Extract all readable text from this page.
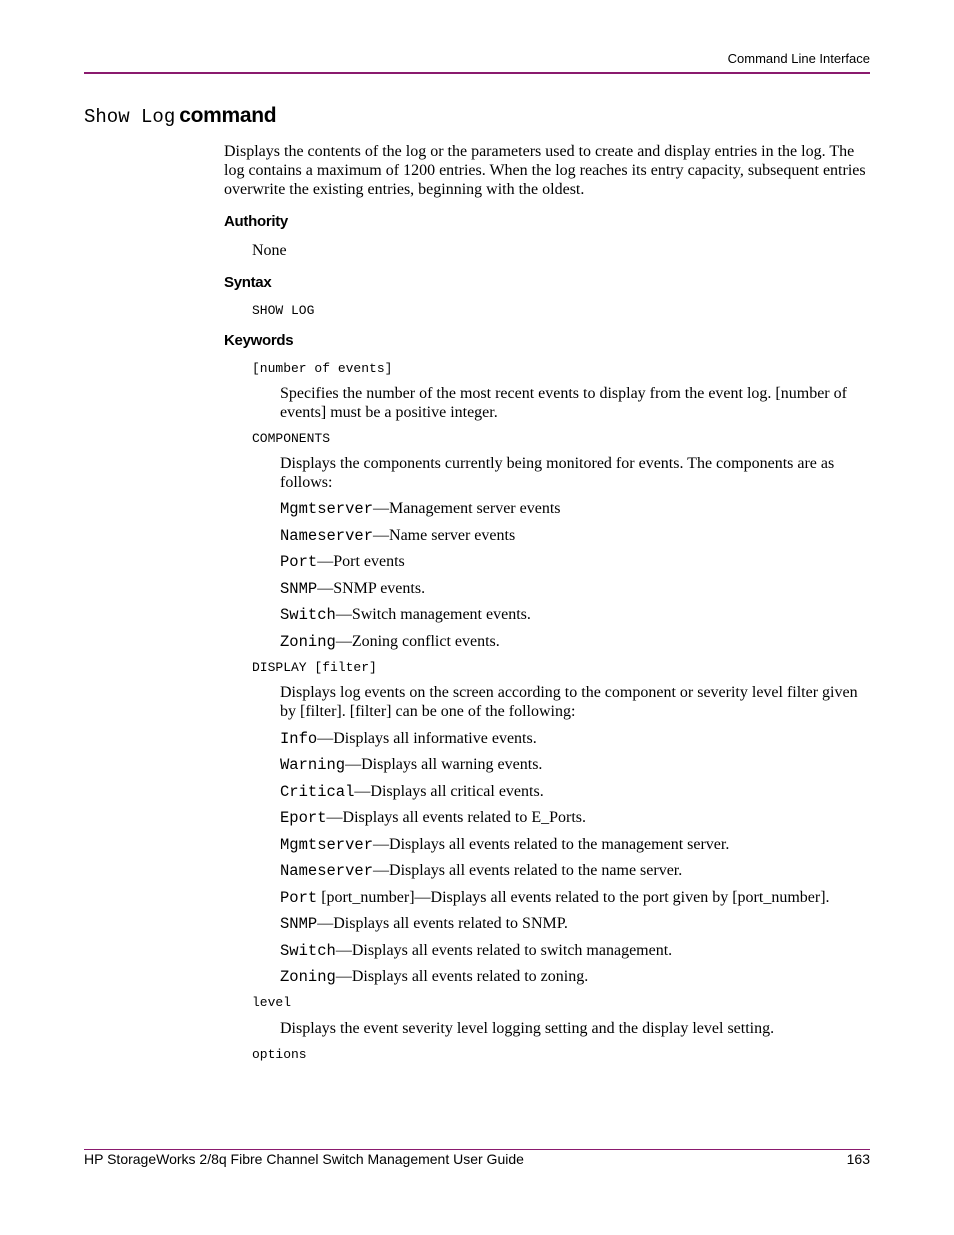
Command Line Interface
Show Log command
Displays the contents of the log or the parameters used to create and display entries in the log. The log contains a maximum of 1200 entries. When the log reaches its entry capacity, subsequent entries overwrite the existing entries, beginning with the oldest.
Authority
None
Syntax
SHOW LOG
Keywords
[number of events]
Specifies the number of the most recent events to display from the event log. [number of events] must be a positive integer.
COMPONENTS
Displays the components currently being monitored for events. The components are as follows:
Mgmtserver—Management server events
Nameserver—Name server events
Port—Port events
SNMP—SNMP events.
Switch—Switch management events.
Zoning—Zoning conflict events.
DISPLAY [filter]
Displays log events on the screen according to the component or severity level filter given by [filter]. [filter] can be one of the following:
Info—Displays all informative events.
Warning—Displays all warning events.
Critical—Displays all critical events.
Eport—Displays all events related to E_Ports.
Mgmtserver—Displays all events related to the management server.
Nameserver—Displays all events related to the name server.
Port [port_number]—Displays all events related to the port given by [port_number].
SNMP—Displays all events related to SNMP.
Switch—Displays all events related to switch management.
Zoning—Displays all events related to zoning.
level
Displays the event severity level logging setting and the display level setting.
options
HP StorageWorks 2/8q Fibre Channel Switch Management User Guide	163
